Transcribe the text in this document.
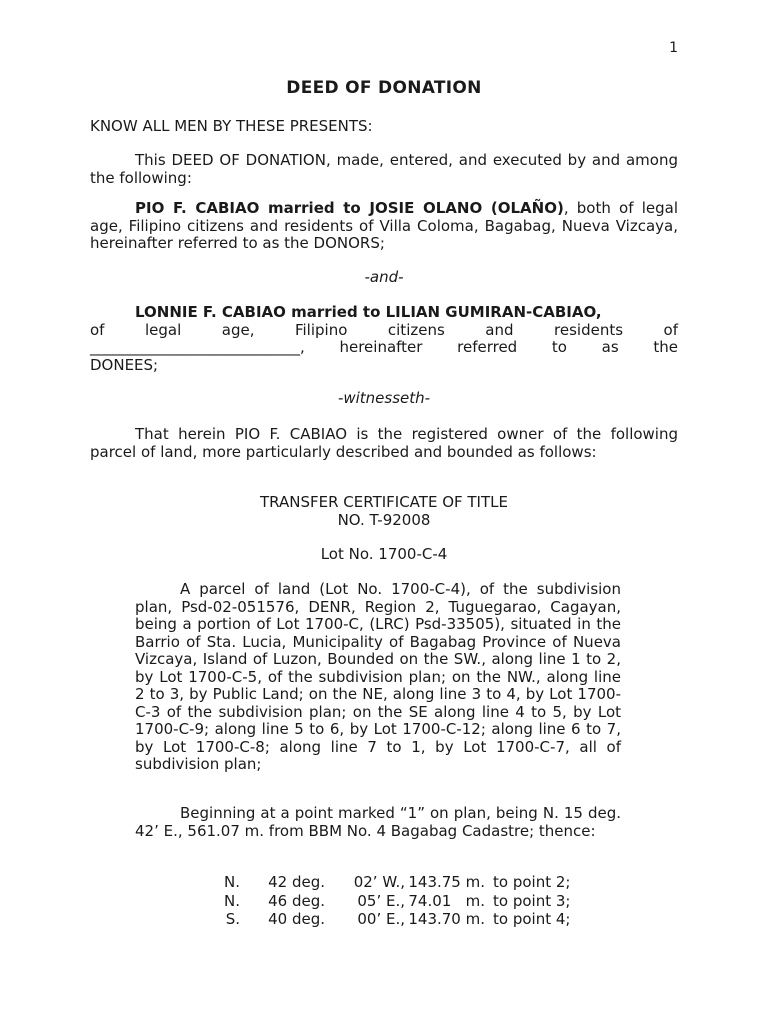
1
DEED OF DONATION

KNOW ALL MEN BY THESE PRESENTS:

This DEED OF DONATION, made, entered, and executed by and among the following:

PIO F. CABIAO married to JOSIE OLANO (OLAÑO), both of legal age, Filipino citizens and residents of Villa Coloma, Bagabag, Nueva Vizcaya, hereinafter referred to as the DONORS;

-and-

LONNIE F. CABIAO married to LILIAN GUMIRAN-CABIAO,
of legal age, Filipino citizens and residents of
____________________________, hereinafter referred to as the
DONEES;

-witnesseth-

That herein PIO F. CABIAO is the registered owner of the following parcel of land, more particularly described and bounded as follows:

TRANSFER CERTIFICATE OF TITLE
NO. T-92008

Lot No. 1700-C-4

A parcel of land (Lot No. 1700-C-4), of the subdivision plan, Psd-02-051576, DENR, Region 2, Tuguegarao, Cagayan, being a portion of Lot 1700-C, (LRC) Psd-33505), situated in the Barrio of Sta. Lucia, Municipality of Bagabag Province of Nueva Vizcaya, Island of Luzon, Bounded on the SW., along line 1 to 2, by Lot 1700-C-5, of the subdivision plan; on the NW., along line 2 to 3, by Public Land; on the NE, along line 3 to 4, by Lot 1700-C-3 of the subdivision plan; on the SE along line 4 to 5, by Lot 1700-C-9; along line 5 to 6, by Lot 1700-C-12; along line 6 to 7, by Lot 1700-C-8; along line 7 to 1, by Lot 1700-C-7, all of subdivision plan;

Beginning at a point marked “1” on plan, being N. 15 deg. 42’ E., 561.07 m. from BBM No. 4 Bagabag Cadastre; thence:

N.	42 deg.	02’ W.,	143.75 m.	to point 2;
N.	46 deg.	05’ E.,	74.01   m.	to point 3;
S.	40 deg.	00’ E.,	143.70 m.	to point 4;
